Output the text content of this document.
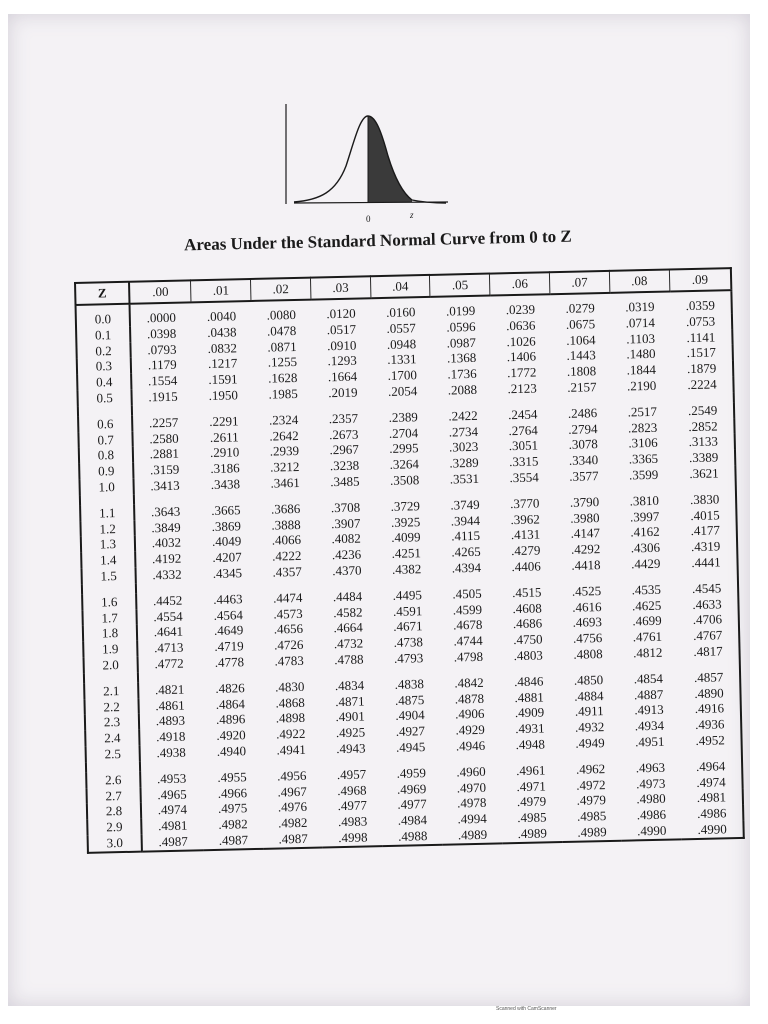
0	z
Areas Under the Standard Normal Curve from 0 to Z
Z	.00	.01	.02	.03	.04	.05	.06	.07	.08	.09
0.0	.0000	.0040	.0080	.0120	.0160	.0199	.0239	.0279	.0319	.0359
0.1	.0398	.0438	.0478	.0517	.0557	.0596	.0636	.0675	.0714	.0753
0.2	.0793	.0832	.0871	.0910	.0948	.0987	.1026	.1064	.1103	.1141
0.3	.1179	.1217	.1255	.1293	.1331	.1368	.1406	.1443	.1480	.1517
0.4	.1554	.1591	.1628	.1664	.1700	.1736	.1772	.1808	.1844	.1879
0.5	.1915	.1950	.1985	.2019	.2054	.2088	.2123	.2157	.2190	.2224

0.6	.2257	.2291	.2324	.2357	.2389	.2422	.2454	.2486	.2517	.2549
0.7	.2580	.2611	.2642	.2673	.2704	.2734	.2764	.2794	.2823	.2852
0.8	.2881	.2910	.2939	.2967	.2995	.3023	.3051	.3078	.3106	.3133
0.9	.3159	.3186	.3212	.3238	.3264	.3289	.3315	.3340	.3365	.3389
1.0	.3413	.3438	.3461	.3485	.3508	.3531	.3554	.3577	.3599	.3621

1.1	.3643	.3665	.3686	.3708	.3729	.3749	.3770	.3790	.3810	.3830
1.2	.3849	.3869	.3888	.3907	.3925	.3944	.3962	.3980	.3997	.4015
1.3	.4032	.4049	.4066	.4082	.4099	.4115	.4131	.4147	.4162	.4177
1.4	.4192	.4207	.4222	.4236	.4251	.4265	.4279	.4292	.4306	.4319
1.5	.4332	.4345	.4357	.4370	.4382	.4394	.4406	.4418	.4429	.4441

1.6	.4452	.4463	.4474	.4484	.4495	.4505	.4515	.4525	.4535	.4545
1.7	.4554	.4564	.4573	.4582	.4591	.4599	.4608	.4616	.4625	.4633
1.8	.4641	.4649	.4656	.4664	.4671	.4678	.4686	.4693	.4699	.4706
1.9	.4713	.4719	.4726	.4732	.4738	.4744	.4750	.4756	.4761	.4767
2.0	.4772	.4778	.4783	.4788	.4793	.4798	.4803	.4808	.4812	.4817

2.1	.4821	.4826	.4830	.4834	.4838	.4842	.4846	.4850	.4854	.4857
2.2	.4861	.4864	.4868	.4871	.4875	.4878	.4881	.4884	.4887	.4890
2.3	.4893	.4896	.4898	.4901	.4904	.4906	.4909	.4911	.4913	.4916
2.4	.4918	.4920	.4922	.4925	.4927	.4929	.4931	.4932	.4934	.4936
2.5	.4938	.4940	.4941	.4943	.4945	.4946	.4948	.4949	.4951	.4952

2.6	.4953	.4955	.4956	.4957	.4959	.4960	.4961	.4962	.4963	.4964
2.7	.4965	.4966	.4967	.4968	.4969	.4970	.4971	.4972	.4973	.4974
2.8	.4974	.4975	.4976	.4977	.4977	.4978	.4979	.4979	.4980	.4981
2.9	.4981	.4982	.4982	.4983	.4984	.4994	.4985	.4985	.4986	.4986
3.0	.4987	.4987	.4987	.4998	.4988	.4989	.4989	.4989	.4990	.4990
Scanned with CamScanner
